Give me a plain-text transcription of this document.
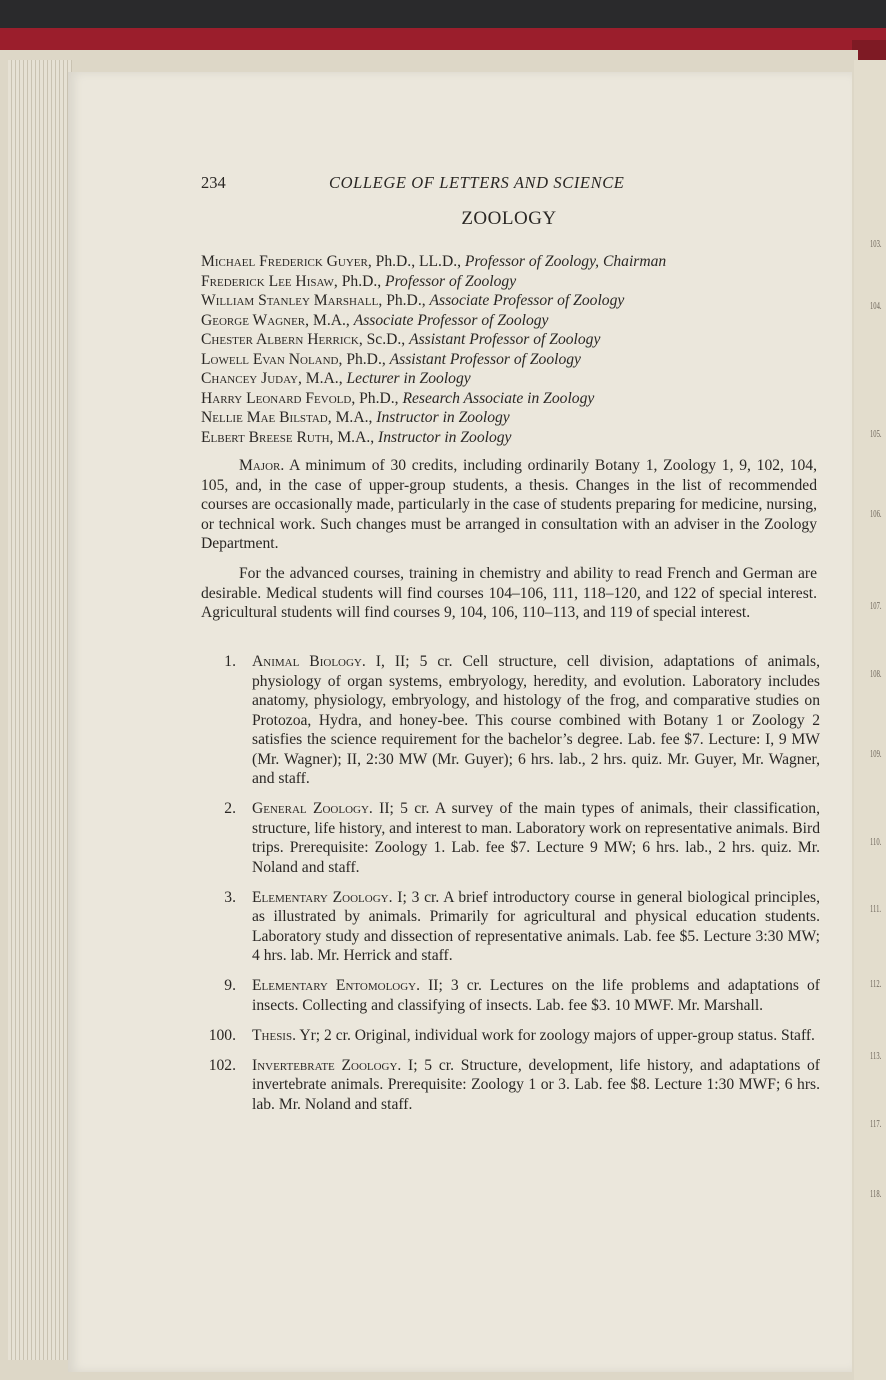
103.
104.
105.
106.
107.
108.
109.
110.
111.
112.
113.
117.
118.
234	COLLEGE OF LETTERS AND SCIENCE
ZOOLOGY
Michael Frederick Guyer, Ph.D., LL.D., Professor of Zoology, Chairman
Frederick Lee Hisaw, Ph.D., Professor of Zoology
William Stanley Marshall, Ph.D., Associate Professor of Zoology
George Wagner, M.A., Associate Professor of Zoology
Chester Albern Herrick, Sc.D., Assistant Professor of Zoology
Lowell Evan Noland, Ph.D., Assistant Professor of Zoology
Chancey Juday, M.A., Lecturer in Zoology
Harry Leonard Fevold, Ph.D., Research Associate in Zoology
Nellie Mae Bilstad, M.A., Instructor in Zoology
Elbert Breese Ruth, M.A., Instructor in Zoology

Major. A minimum of 30 credits, including ordinarily Botany 1, Zoology 1, 9, 102, 104, 105, and, in the case of upper-group students, a thesis. Changes in the list of recommended courses are occasionally made, particularly in the case of students preparing for medicine, nursing, or technical work. Such changes must be arranged in consultation with an adviser in the Zoology Department.

For the advanced courses, training in chemistry and ability to read French and German are desirable. Medical students will find courses 104–106, 111, 118–120, and 122 of special interest. Agricultural students will find courses 9, 104, 106, 110–113, and 119 of special interest.

1. Animal Biology. I, II; 5 cr. Cell structure, cell division, adaptations of animals, physiology of organ systems, embryology, heredity, and evolution. Laboratory includes anatomy, physiology, embryology, and histology of the frog, and comparative studies on Protozoa, Hydra, and honey-bee. This course combined with Botany 1 or Zoology 2 satisfies the science requirement for the bachelor’s degree. Lab. fee $7. Lecture: I, 9 MW (Mr. Wagner); II, 2:30 MW (Mr. Guyer); 6 hrs. lab., 2 hrs. quiz. Mr. Guyer, Mr. Wagner, and staff.
2. General Zoology. II; 5 cr. A survey of the main types of animals, their classification, structure, life history, and interest to man. Laboratory work on representative animals. Bird trips. Prerequisite: Zoology 1. Lab. fee $7. Lecture 9 MW; 6 hrs. lab., 2 hrs. quiz. Mr. Noland and staff.
3. Elementary Zoology. I; 3 cr. A brief introductory course in general biological principles, as illustrated by animals. Primarily for agricultural and physical education students. Laboratory study and dissection of representative animals. Lab. fee $5. Lecture 3:30 MW; 4 hrs. lab. Mr. Herrick and staff.
9. Elementary Entomology. II; 3 cr. Lectures on the life problems and adaptations of insects. Collecting and classifying of insects. Lab. fee $3. 10 MWF. Mr. Marshall.
100. Thesis. Yr; 2 cr. Original, individual work for zoology majors of upper-group status. Staff.
102. Invertebrate Zoology. I; 5 cr. Structure, development, life history, and adaptations of invertebrate animals. Prerequisite: Zoology 1 or 3. Lab. fee $8. Lecture 1:30 MWF; 6 hrs. lab. Mr. Noland and staff.
